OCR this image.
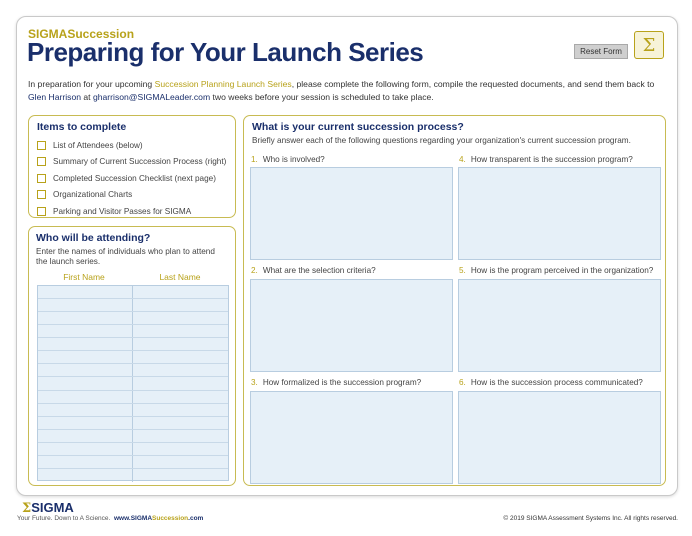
SIGMASuccession
Preparing for Your Launch Series	Reset Form	Σ
In preparation for your upcoming Succession Planning Launch Series, please complete the following form, compile the requested documents, and send them back to Glen Harrison at gharrison@SIGMALeader.com two weeks before your session is scheduled to take place.
Items to complete
List of Attendees (below)
Summary of Current Succession Process (right)
Completed Succession Checklist (next page)
Organizational Charts
Parking and Visitor Passes for SIGMA
Who will be attending?
Enter the names of individuals who plan to attend the launch series.
First Name	Last Name
What is your current succession process?
Briefly answer each of the following questions regarding your organization's current succession program.
1. Who is involved?	4. How transparent is the succession program?
2. What are the selection criteria?	5. How is the program perceived in the organization?
3. How formalized is the succession program?	6. How is the succession process communicated?
ΣSIGMA
Your Future. Down to A Science. www.SIGMASuccession.com	© 2019 SIGMA Assessment Systems Inc. All rights reserved.
